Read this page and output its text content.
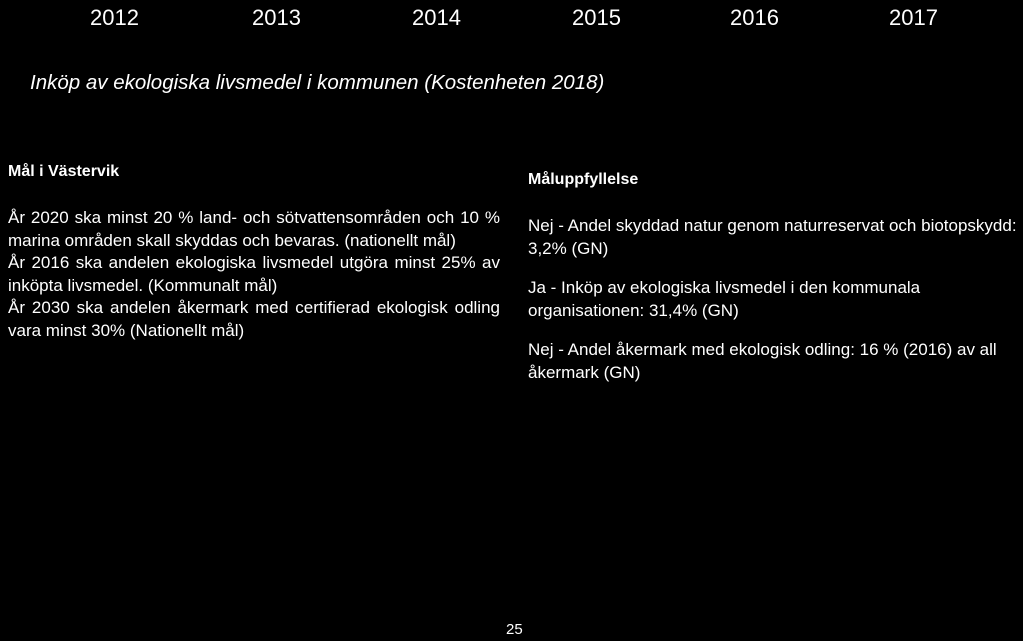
2012	2013	2014	2015	2016	2017
Inköp av ekologiska livsmedel i kommunen (Kostenheten 2018)
Mål i Västervik

År 2020 ska minst 20 % land- och sötvattensområden och 10 % marina områden skall skyddas och bevaras. (nationellt mål)

År 2016 ska andelen ekologiska livsmedel utgöra minst 25% av inköpta livsmedel. (Kommunalt mål)

År 2030 ska andelen åkermark med certifierad ekologisk odling vara minst 30% (Nationellt mål)

Måluppfyllelse

Nej - Andel skyddad natur genom naturreservat och biotopskydd: 3,2% (GN)

Ja - Inköp av ekologiska livsmedel i den kommunala organisationen: 31,4% (GN)

Nej - Andel åkermark med ekologisk odling: 16 % (2016) av all åkermark (GN)

25
